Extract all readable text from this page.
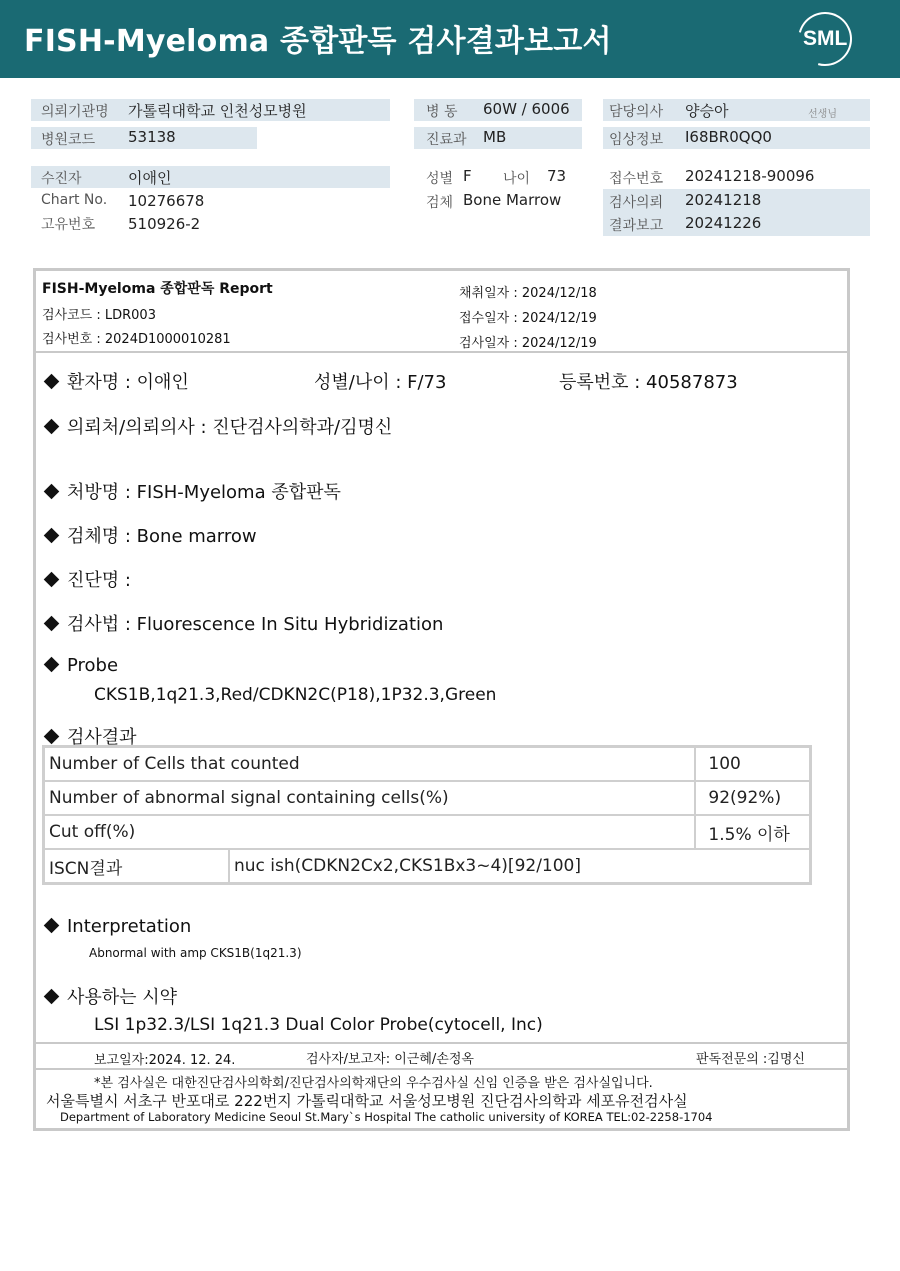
FISH-Myeloma 종합판독 검사결과보고서	SML
의뢰기관명 가톨릭대학교 인천성모병원
병원코드 53138
병 동 60W / 6006
진료과 MB
담당의사 양승아	선생님
임상정보 I68BR0QQ0
수진자	이애인
Chart No. 10276678
고유번호 510926-2
성별 F 나이 73
검체 Bone Marrow
접수번호 20241218-90096
검사의뢰 20241218
결과보고 20241226
FISH-Myeloma 종합판독 Report
검사코드 : LDR003
검사번호 : 2024D1000010281
채취일자 : 2024/12/18
접수일자 : 2024/12/19
검사일자 : 2024/12/19
환자명 : 이애인	성별/나이 : F/73	등록번호 : 40587873
의뢰처/의뢰의사 : 진단검사의학과/김명신
처방명 : FISH-Myeloma 종합판독
검체명 : Bone marrow
진단명 :
검사법 : Fluorescence In Situ Hybridization
Probe
CKS1B,1q21.3,Red/CDKN2C(P18),1P32.3,Green
검사결과
Number of Cells that counted		100
Number of abnormal signal containing cells(%)		92(92%)
Cut off(%)		1.5% 이하
ISCN결과	nuc ish(CDKN2Cx2,CKS1Bx3~4)[92/100]	
Interpretation
Abnormal with amp CKS1B(1q21.3)
사용하는 시약
LSI 1p32.3/LSI 1q21.3 Dual Color Probe(cytocell, Inc)
보고일자:2024. 12. 24.	검사자/보고자: 이근혜/손정옥	판독전문의 :김명신
*본 검사실은 대한진단검사의학회/진단검사의학재단의 우수검사실 신임 인증을 받은 검사실입니다.
서울특별시 서초구 반포대로 222번지 가톨릭대학교 서울성모병원 진단검사의학과 세포유전검사실
Department of Laboratory Medicine Seoul St.Mary`s Hospital The catholic university of KOREA TEL:02-2258-1704
